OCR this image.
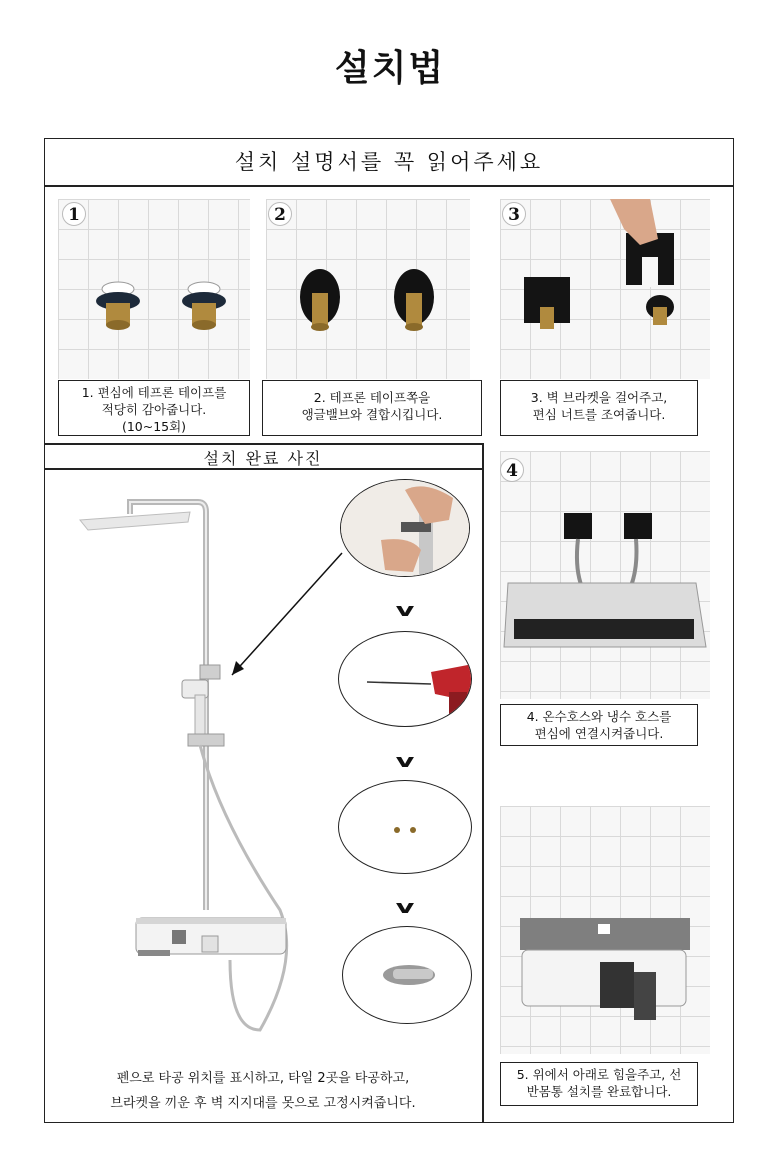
설치법
설치 설명서를 꼭 읽어주세요
1
1. 편심에 테프론 테이프를
적당히 감아줍니다.
(10~15회)
2
2. 테프론 테이프쪽을
앵글밸브와 결합시킵니다.
3
3. 벽 브라켓을 걸어주고,
편심 너트를 조여줍니다.
설치 완료 사진
v
v
v
펜으로 타공 위치를 표시하고, 타일 2곳을 타공하고,
브라켓을 끼운 후 벽 지지대를 못으로 고정시켜줍니다.
4
4. 온수호스와 냉수 호스를
편심에 연결시켜줍니다.
5. 위에서 아래로 힘을주고, 선
반몸통 설치를 완료합니다.
